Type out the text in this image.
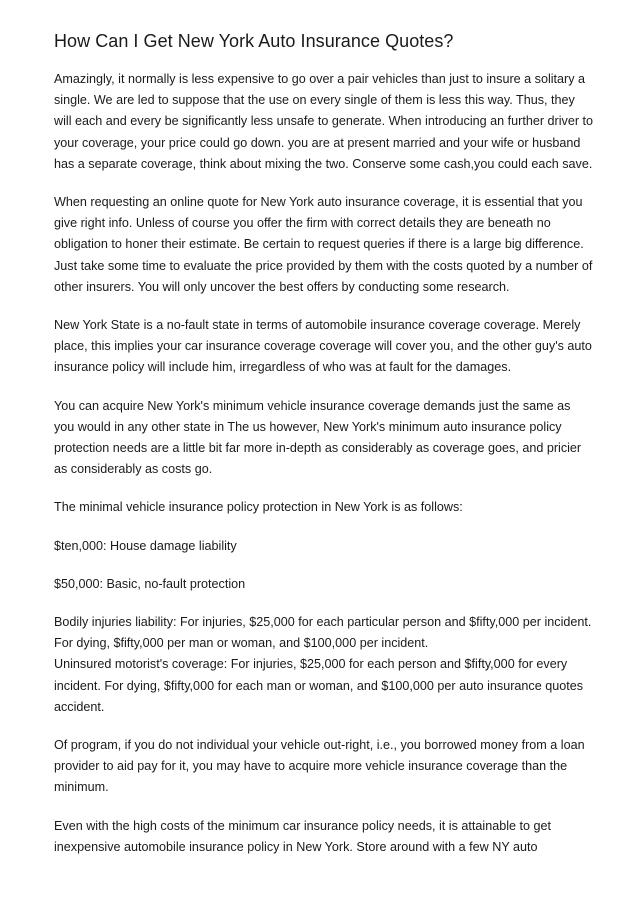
How Can I Get New York Auto Insurance Quotes?

Amazingly, it normally is less expensive to go over a pair vehicles than just to insure a solitary a single. We are led to suppose that the use on every single of them is less this way. Thus, they will each and every be significantly less unsafe to generate. When introducing an further driver to your coverage, your price could go down. you are at present married and your wife or husband has a separate coverage, think about mixing the two. Conserve some cash,you could each save.

When requesting an online quote for New York auto insurance coverage, it is essential that you give right info. Unless of course you offer the firm with correct details they are beneath no obligation to honer their estimate. Be certain to request queries if there is a large big difference. Just take some time to evaluate the price provided by them with the costs quoted by a number of other insurers. You will only uncover the best offers by conducting some research.

New York State is a no-fault state in terms of automobile insurance coverage coverage. Merely place, this implies your car insurance coverage coverage will cover you, and the other guy's auto insurance policy will include him, irregardless of who was at fault for the damages.

You can acquire New York's minimum vehicle insurance coverage demands just the same as you would in any other state in The us however, New York's minimum auto insurance policy protection needs are a little bit far more in-depth as considerably as coverage goes, and pricier as considerably as costs go.

The minimal vehicle insurance policy protection in New York is as follows:

$ten,000: House damage liability

$50,000: Basic, no-fault protection

Bodily injuries liability: For injuries, $25,000 for each particular person and $fifty,000 per incident. For dying, $fifty,000 per man or woman, and $100,000 per incident.

Uninsured motorist's coverage: For injuries, $25,000 for each person and $fifty,000 for every incident. For dying, $fifty,000 for each man or woman, and $100,000 per auto insurance quotes accident.

Of program, if you do not individual your vehicle out-right, i.e., you borrowed money from a loan provider to aid pay for it, you may have to acquire more vehicle insurance coverage than the minimum.

Even with the high costs of the minimum car insurance policy needs, it is attainable to get inexpensive automobile insurance policy in New York. Store around with a few NY auto
